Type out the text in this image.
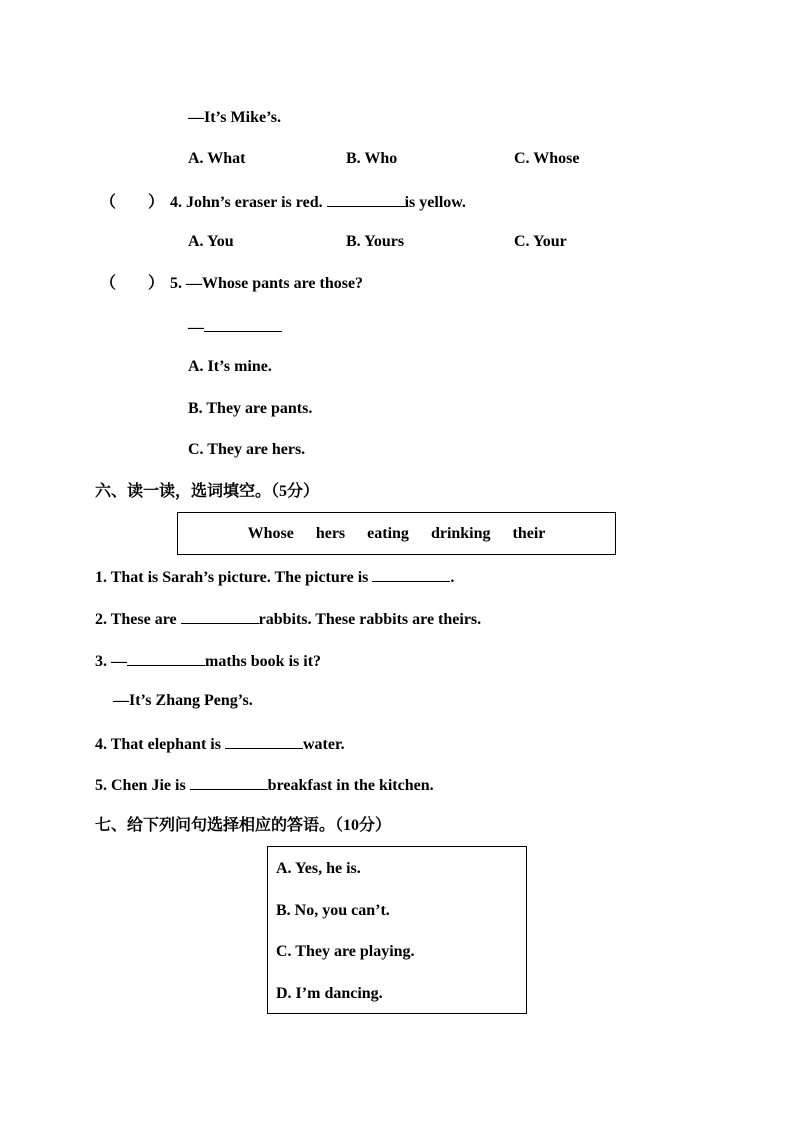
—It’s Mike’s.
A. What	B. Who	C. Whose
（　　） 4. John’s eraser is red.	is yellow.
A. You	B. Yours	C. Your
（　　） 5. —Whose pants are those?
—
A. It’s mine.
B. They are pants.
C. They are hers.
六、读一读，选词填空。（5分）
Whose hers eating drinking their
1. That is Sarah’s picture. The picture is	.
2. These are	rabbits. These rabbits are theirs.
3. —	maths book is it?
—It’s Zhang Peng’s.
4. That elephant is	water.
5. Chen Jie is	breakfast in the kitchen.
七、给下列问句选择相应的答语。（10分）
A. Yes, he is.
B. No, you can’t.
C. They are playing.
D. I’m dancing.
